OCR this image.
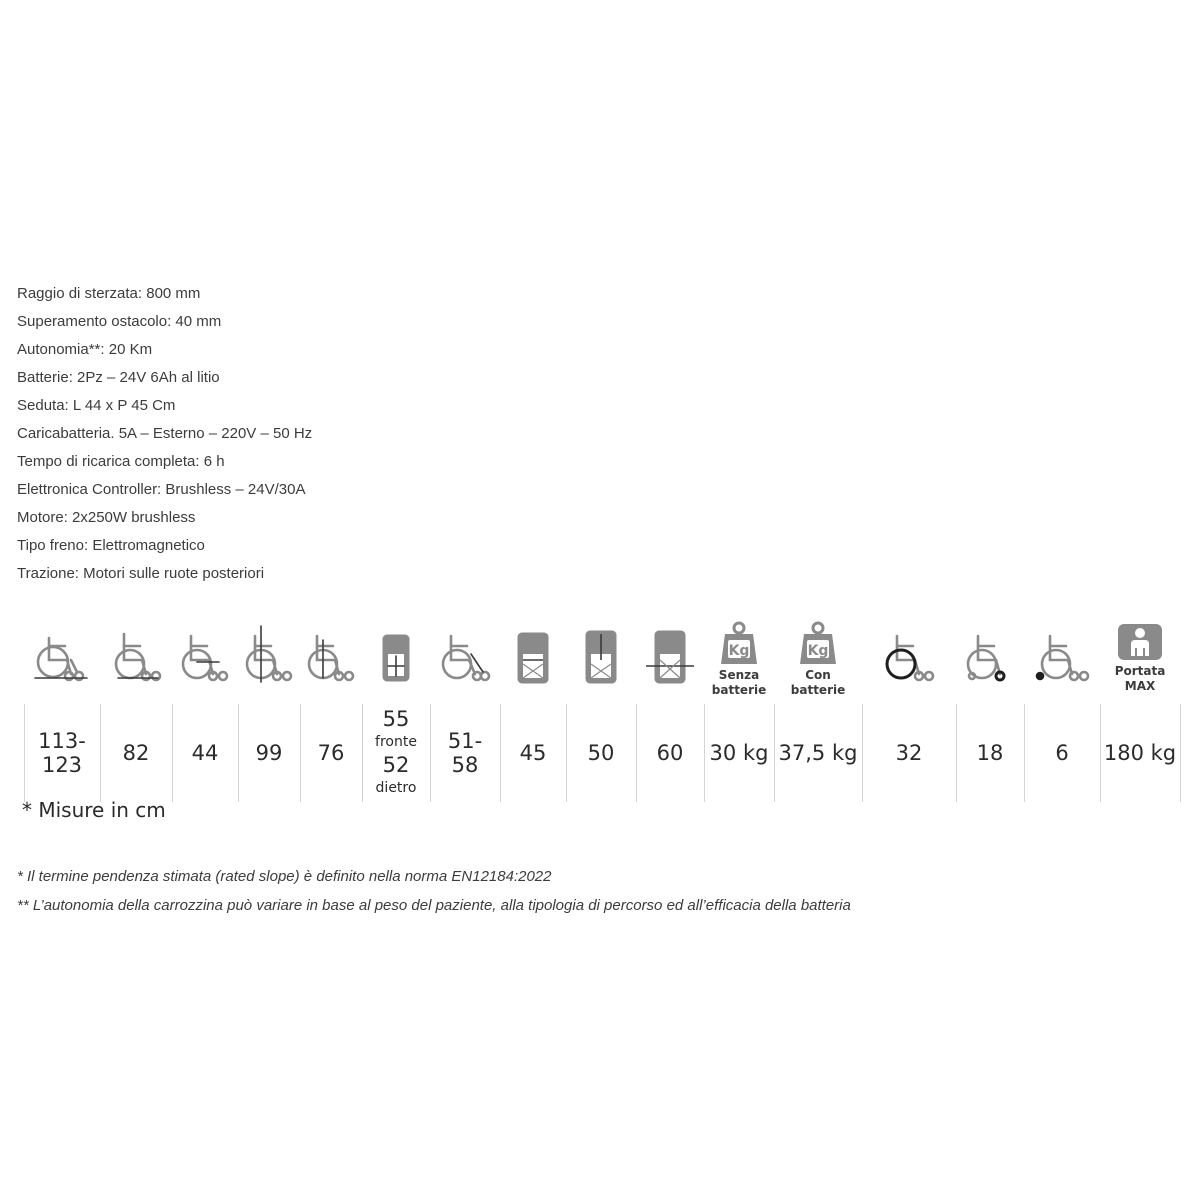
Raggio di sterzata: 800 mm
Superamento ostacolo: 40 mm
Autonomia**: 20 Km
Batterie: 2Pz – 24V 6Ah al litio
Seduta: L 44 x P 45 Cm
Caricabatteria. 5A – Esterno – 220V – 50 Hz
Tempo di ricarica completa: 6 h
Elettronica Controller: Brushless – 24V/30A
Motore: 2x250W brushless
Tipo freno: Elettromagnetico
Trazione: Motori sulle ruote posteriori
Kg
Senza
batterie
Kg
Con
batterie
Portata
MAX
113-123	82 44 99 76
55
fronte
52
dietro
51-
58 45 50 60 30 kg 37,5 kg 32	18 6 180 kg
* Misure in cm
* Il termine pendenza stimata (rated slope) è definito nella norma EN12184:2022
** L’autonomia della carrozzina può variare in base al peso del paziente, alla tipologia di percorso ed all’efficacia della batteria
